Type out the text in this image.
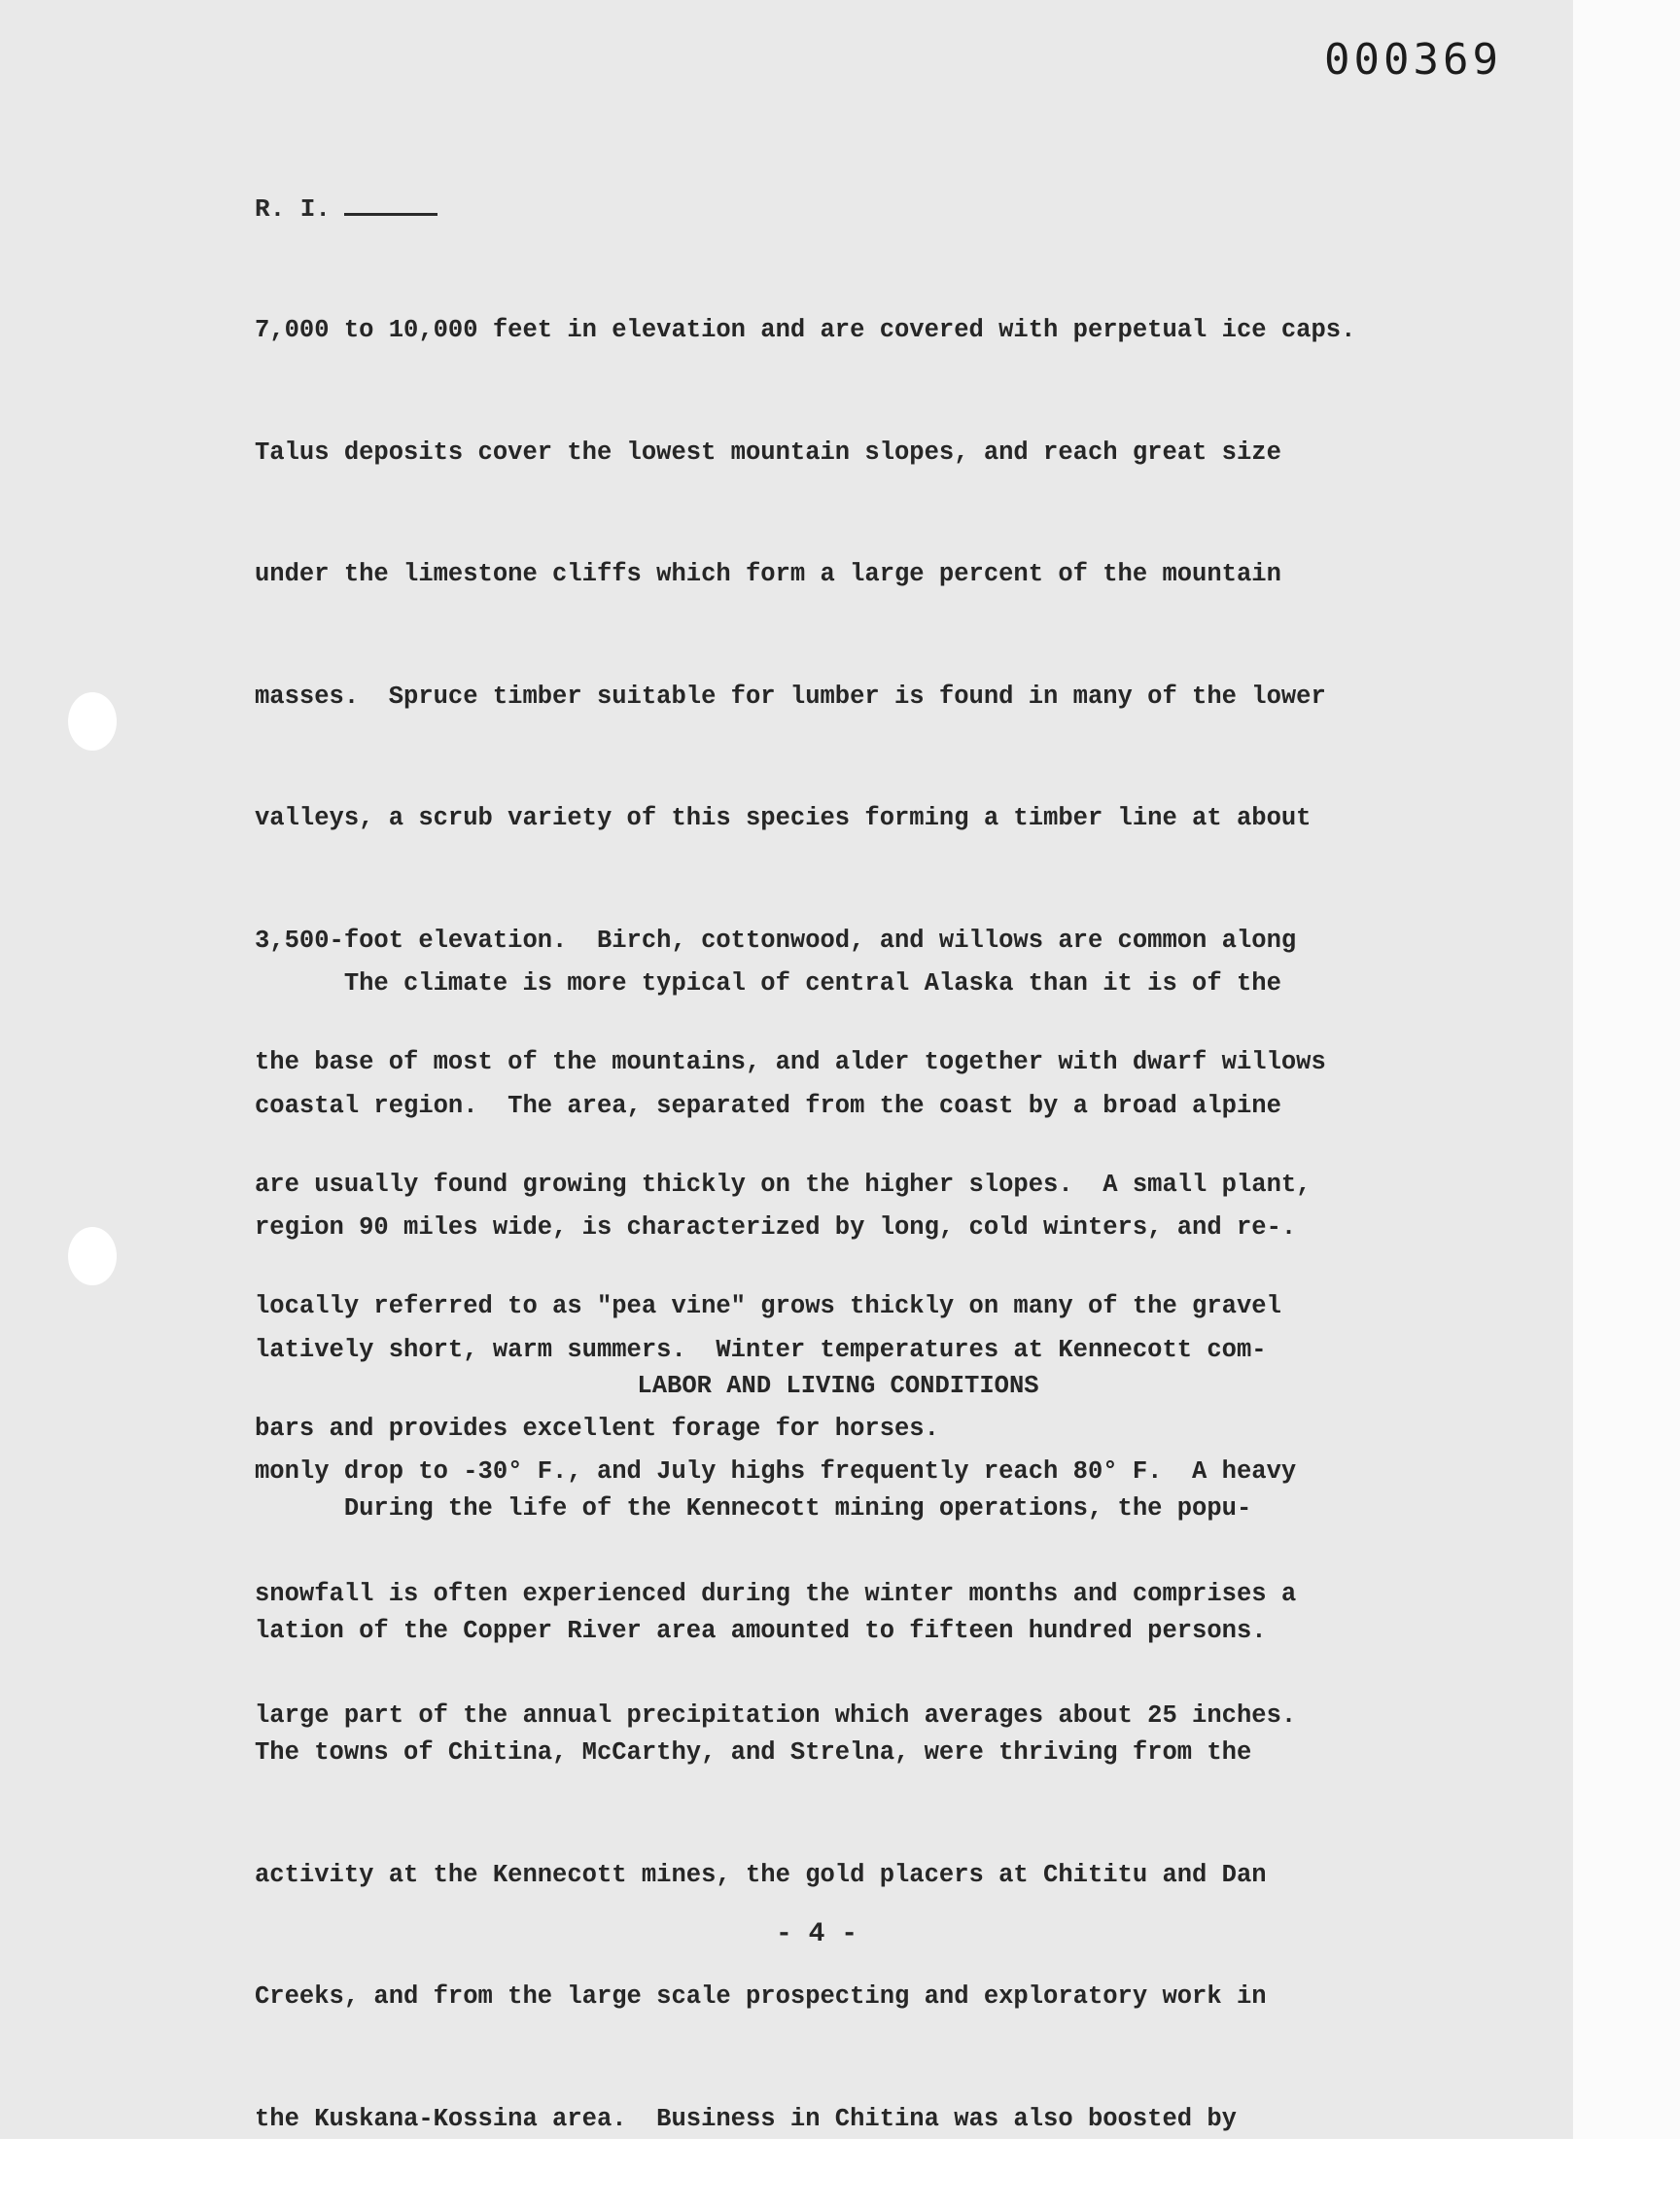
000369
R. I.

7,000 to 10,000 feet in elevation and are covered with perpetual ice caps.

Talus deposits cover the lowest mountain slopes, and reach great size

under the limestone cliffs which form a large percent of the mountain

masses.  Spruce timber suitable for lumber is found in many of the lower

valleys, a scrub variety of this species forming a timber line at about

3,500-foot elevation.  Birch, cottonwood, and willows are common along

the base of most of the mountains, and alder together with dwarf willows

are usually found growing thickly on the higher slopes.  A small plant,

locally referred to as "pea vine" grows thickly on many of the gravel

bars and provides excellent forage for horses.

The climate is more typical of central Alaska than it is of the

coastal region.  The area, separated from the coast by a broad alpine

region 90 miles wide, is characterized by long, cold winters, and re-.

latively short, warm summers.  Winter temperatures at Kennecott com-

monly drop to -30° F., and July highs frequently reach 80° F.  A heavy

snowfall is often experienced during the winter months and comprises a

large part of the annual precipitation which averages about 25 inches.

LABOR AND LIVING CONDITIONS

During the life of the Kennecott mining operations, the popu-

lation of the Copper River area amounted to fifteen hundred persons.

The towns of Chitina, McCarthy, and Strelna, were thriving from the

activity at the Kennecott mines, the gold placers at Chititu and Dan

Creeks, and from the large scale prospecting and exploratory work in

the Kuskana-Kossina area.  Business in Chitina was also boosted by

- 4 -
